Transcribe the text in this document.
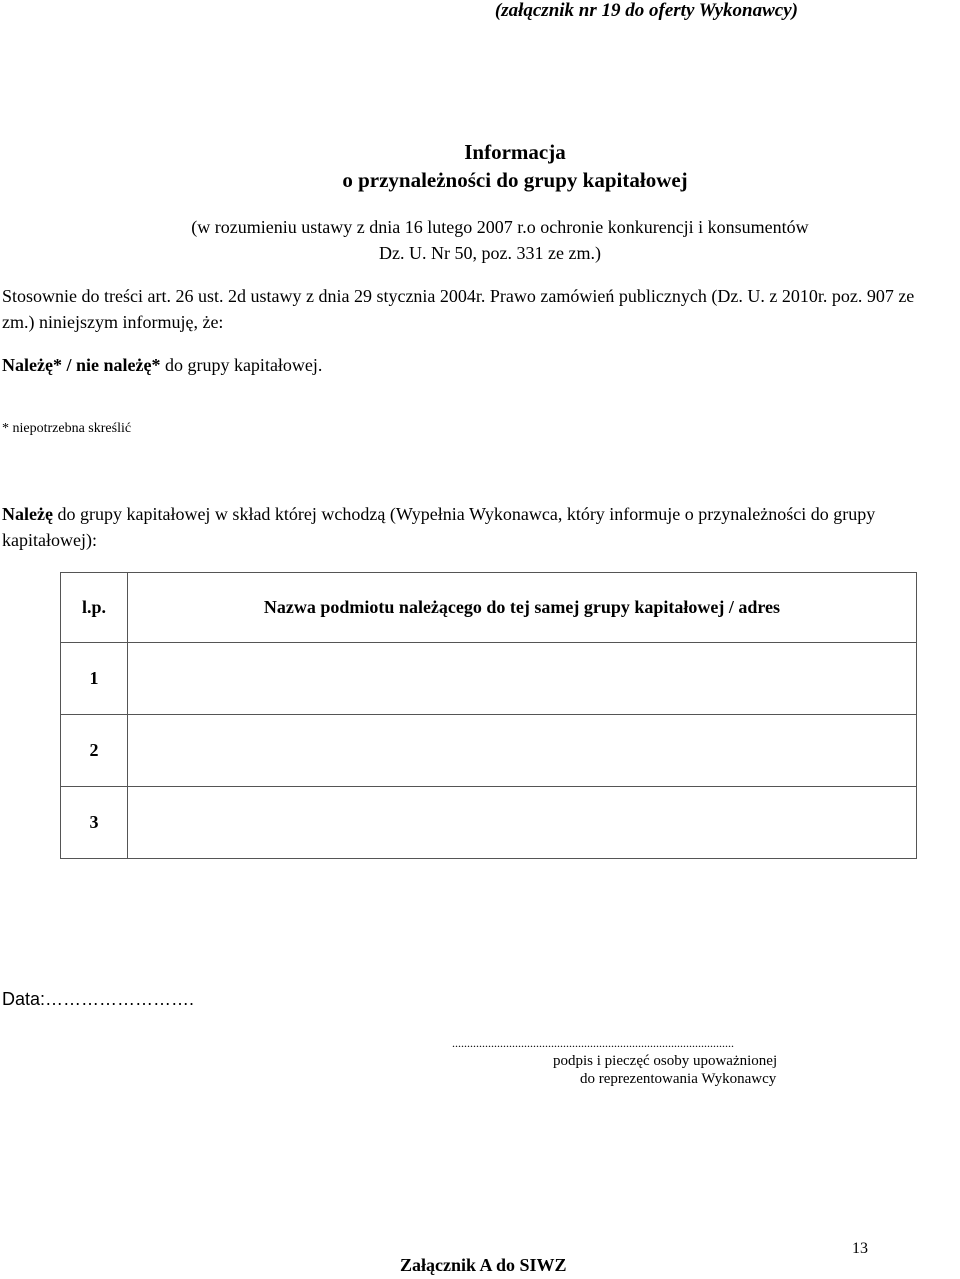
(załącznik nr 19 do oferty Wykonawcy)
Informacja
o przynależności do grupy kapitałowej
(w rozumieniu ustawy z dnia 16 lutego 2007 r.o ochronie konkurencji i konsumentów
Dz. U. Nr 50, poz. 331 ze zm.)
Stosownie do treści art. 26 ust. 2d ustawy z dnia 29 stycznia 2004r. Prawo zamówień publicznych (Dz. U. z 2010r. poz. 907 ze zm.) niniejszym informuję, że:
Należę* / nie należę* do grupy kapitałowej.
* niepotrzebna skreślić
Należę do grupy kapitałowej w skład której wchodzą (Wypełnia Wykonawca, który informuje o przynależności do grupy kapitałowej):
l.p.	Nazwa podmiotu należącego do tej samej grupy kapitałowej / adres
1	
2	
3	
Data:…………………….
..............................................................................................
podpis i pieczęć osoby upoważnionej
do reprezentowania Wykonawcy
13
Załącznik A do SIWZ
